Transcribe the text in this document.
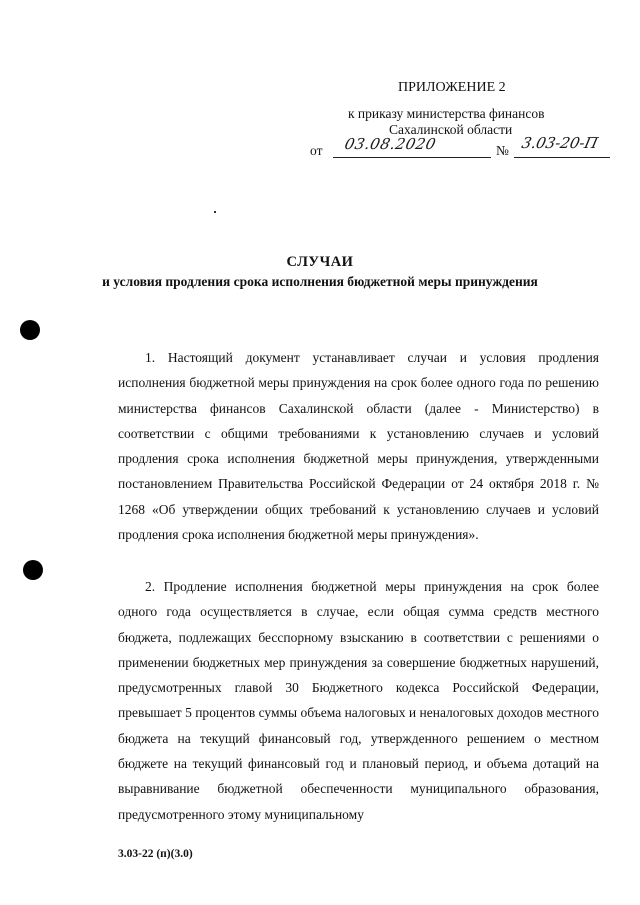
ПРИЛОЖЕНИЕ 2
к приказу министерства финансов
Сахалинской области
от 03.08.2020	№ 3.03-20-П
СЛУЧАИ
и условия продления срока исполнения бюджетной меры принуждения
1. Настоящий документ устанавливает случаи и условия продления исполнения бюджетной меры принуждения на срок более одного года по решению министерства финансов Сахалинской области (далее - Министерство) в соответствии с общими требованиями к установлению случаев и условий продления срока исполнения бюджетной меры принуждения, утвержденными постановлением Правительства Российской Федерации от 24 октября 2018 г. № 1268 «Об утверждении общих требований к установлению случаев и условий продления срока исполнения бюджетной меры принуждения».
2. Продление исполнения бюджетной меры принуждения на срок более одного года осуществляется в случае, если общая сумма средств местного бюджета, подлежащих бесспорному взысканию в соответствии с решениями о применении бюджетных мер принуждения за совершение бюджетных нарушений, предусмотренных главой 30 Бюджетного кодекса Российской Федерации, превышает 5 процентов суммы объема налоговых и неналоговых доходов местного бюджета на текущий финансовый год, утвержденного решением о местном бюджете на текущий финансовый год и плановый период, и объема дотаций на выравнивание бюджетной обеспеченности муниципального образования, предусмотренного этому муниципальному
3.03-22 (п)(3.0)
